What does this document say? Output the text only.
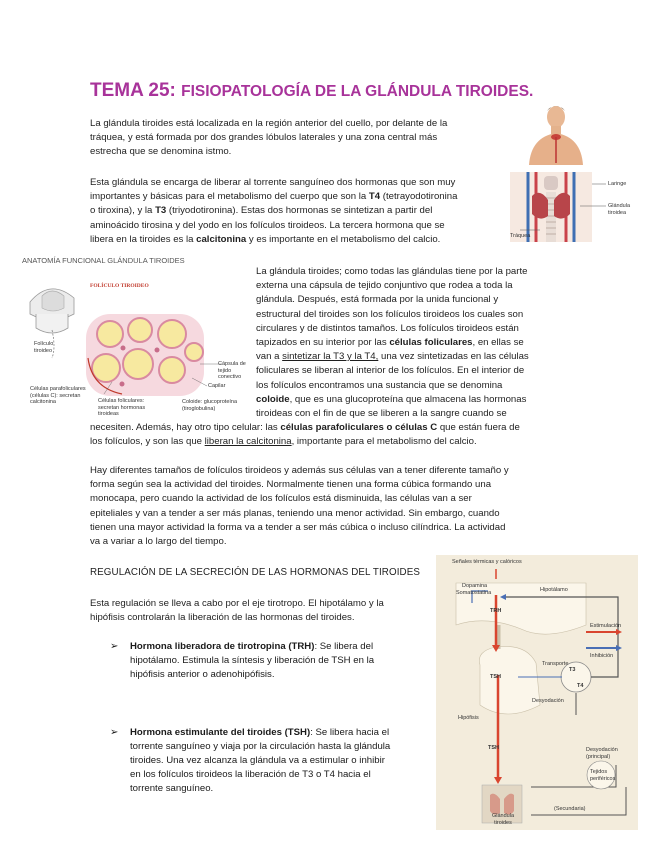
TEMA 25: FISIOPATOLOGÍA DE LA GLÁNDULA TIROIDES.
La glándula tiroides está localizada en la región anterior del cuello, por delante de la
tráquea, y está formada por dos grandes lóbulos laterales y una zona central más
estrecha que se denomina istmo.
Laringe
Glándula tiroidea
Tráquea
Esta glándula se encarga de liberar al torrente sanguíneo dos hormonas que son muy
importantes y básicas para el metabolismo del cuerpo que son la T4 (tetrayodotironina
o tiroxina), y la T3 (triyodotironina). Estas dos hormonas se sintetizan a partir del
aminoácido tirosina y del yodo en los folículos tiroideos. La tercera hormona que se
libera en la tiroides es la calcitonina y es importante en el metabolismo del calcio.
ANATOMÍA FUNCIONAL GLÁNDULA TIROIDES
FOLÍCULO TIROIDEO
Folículo tiroideo
Cápsula de tejido conectivo
Capilar
Células parafoliculares (células C): secretan calcitonina	Células foliculares: secretan hormonas tiroideas
Coloide: glucoproteína (tiroglobulina)
La glándula tiroides; como todas las glándulas tiene por la parte
externa una cápsula de tejido conjuntivo que rodea a toda la
glándula. Después, está formada por la unida funcional y
estructural del tiroides son los folículos tiroideos los cuales son
circulares y de distintos tamaños. Los folículos tiroideos están
tapizados en su interior por las células foliculares, en ellas se
van a sintetizar la T3 y la T4, una vez sintetizadas en las células
foliculares se liberan al interior de los folículos. En el interior de
los folículos encontramos una sustancia que se denomina
coloide, que es una glucoproteína que almacena las hormonas
tiroideas con el fin de que se liberen a la sangre cuando se
necesiten. Además, hay otro tipo celular: las células parafoliculares o células C que están fuera de
los folículos, y son las que liberan la calcitonina, importante para el metabolismo del calcio.
Hay diferentes tamaños de folículos tiroideos y además sus células van a tener diferente tamaño y
forma según sea la actividad del tiroides. Normalmente tienen una forma cúbica formando una
monocapa, pero cuando la actividad de los folículos está disminuida, las células van a ser
epiteliales y van a tender a ser más planas, teniendo una menor actividad. Sin embargo, cuando
tienen una mayor actividad la forma va a tender a ser más cúbica o incluso cilíndrica. La actividad
va a variar a lo largo del tiempo.
REGULACIÓN DE LA SECRECIÓN DE LAS HORMONAS DEL TIROIDES
Esta regulación se lleva a cabo por el eje tirotropo. El hipotálamo y la
hipófisis controlarán la liberación de las hormonas del tiroides.
➢ Hormona liberadora de tirotropina (TRH): Se libera del
hipotálamo. Estimula la síntesis y liberación de TSH en la
hipófisis anterior o adenohipófisis.
➢ Hormona estimulante del tiroides (TSH): Se libera hacia el
torrente sanguíneo y viaja por la circulación hasta la glándula
tiroides. Una vez alcanza la glándula va a estimular o inhibir
en los folículos tiroideos la liberación de T3 o T4 hacia el
torrente sanguíneo.
Señales térmicas y calóricos
Dopamina
Somatostatina	Hipotálamo
TRH
Estimulación
Inhibición
Transporte
TSH
T3
T4
Desyodación
Hipófisis
TSH	Desyodación (principal)
Tejidos periféricos
(Secundaria)
Glándula tiroides
